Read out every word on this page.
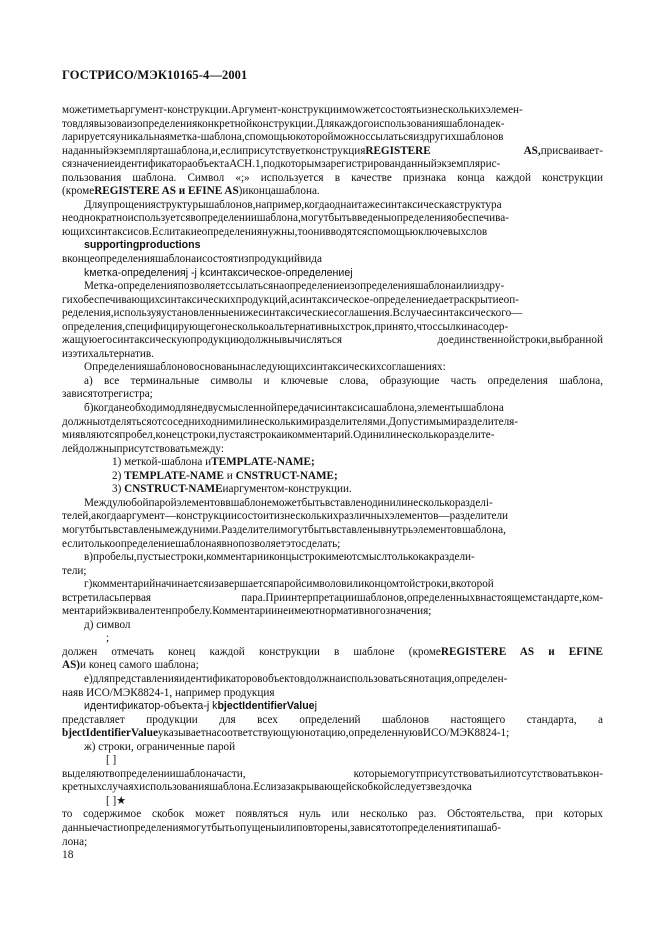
ГОСТРИСО/МЭК10165-4—2001
можетиметьаргумент-конструкции.Аргумент-конструкциимowжетсостоятьизнесколькихэлемен-
товдлявызоваизопределенияконкретнойконструкции.Длякаждогоиспользованияшаблонадек-
ларируетсяуникальнаяметка-шаблона,спомощьюкоторойможноссылатьсяиздругихшаблонов
наданныйэкземплярташаблона,и,еслиприсутствуетконструкцияREGISTERE AS,присваивает-
сязначениеидентификатораобъектаАСН.1,подкоторымзарегистрированданныйэкземплярис-
пользования шаблона. Символ «;» используется в качестве признака конца каждой конструкции
(кромеREGISTERE AS и EFINE AS)иконцашаблона.
Дляупрощенияструктурышаблонов,например,когдаоднаитажесинтаксическаяструктура
неоднократноиспользуетсявопределениишаблона,могутбытьвведеныопределенияобеспечива-
ющихсинтаксисов.Еслитакиеопределениянужны,тоонивводятсяспомощьюключевыхслов
supportingproductions
вконцеопределенияшаблонаисостоятизпродукцийвида
kметка-определенияj -j kсинтаксическое-определениеj
Метка-определенияпозволяетссылатьсянаопределениеизопределенияшаблонаилииздру-
гихобеспечивающихсинтаксическихпродукций,асинтаксическое-определениедаетраскрытиеоп-
ределения,используяустановленныенижесинтаксическиесоглашения.Вслучаесинтаксического—
определения,специфицирующегонесколькоальтернативныхстрок,принято,чтоссылкинасодер-
жащуюегосинтаксическуюпродукциюдолжнывычисляться доединственнойстроки,выбранной
изэтихальтернатив.
Определенияшаблоновоснованынаследующихсинтаксическихсоглашениях:
а) все терминальные символы и ключевые слова, образующие часть определения шаблона,
зависятотрегистра;
б)когданеобходимодлянедвусмысленнойпередачисинтаксисашаблона,элементышаблона
должныотделятьсяотсоседниходнимилинесколькимиразделителями.Допустимымиразделителя-
миявляютсяпробел,конецстроки,пустаястрокаикомментарий.Одинилинесколькоразделите-
лейдолжныприсутствоватьмежду:
1) меткой-шаблона иTEMPLATE-NAME;
2) TEMPLATE-NAME и CNSTRUCT-NAME;
3) CNSTRUCT-NAMEиаргументом-конструкции.
Междулюбойпаройэлементоввшаблонеможетбытьвставленодинилинесколькоразделi-
телей,акогдааргумент—конструкциисостоитизнесколькихразличныхэлементов—разделители
могутбытьвставленымеждуними.Разделителимогутбытьвставленывнутрьэлементовшаблона,
еслитолькоопределениешаблонаявнопозволяетэтосделать;
в)пробелы,пустыестроки,комментарииконцыстрокимеютсмыслтолькокакраздели-
тели;
г)комментарийначинаетсяизавершаетсяпаройсимволовиликонцомтойстроки,вкоторой
встретиласьпервая пара.Приинтерпретациишаблонов,определенныхвнастоящемстандарте,ком-
ментарийэквивалентенпробелу.Комментариинеимеютнормативногозначения;
д) символ
;
должен отмечать конец каждой конструкции в шаблоне (кромеREGISTERE AS и EFINE
AS)и конец самого шаблона;
е)дляпредставленияидентификаторовобъектовдолжнаиспользоватьсянотация,определен-
наяв ИСО/МЭК8824-1, например продукция
идентификатор-объекта-j kbjectIdentifierValuej
представляет продукции для всех определений шаблонов настоящего стандарта, а
bjectIdentifierValueуказываетнасоответствующуюнотацию,определеннуювИСО/МЭК8824-1;
ж) строки, ограниченные парой
[ ]
выделяютвопределениишаблоначасти, которыемогутприсутствоватьилиотсутствоватьвкон-
кретныхслучаяхиспользованияшаблона.Еслизазакрывающейскобкойследуетзвездочка
[ ]★
то содержимое скобок может появляться нуль или несколько раз. Обстоятельства, при которых
данныечастиопределениямогутбытьопущеныилиповторены,зависятотопределениятипашаб-
лона;
18
